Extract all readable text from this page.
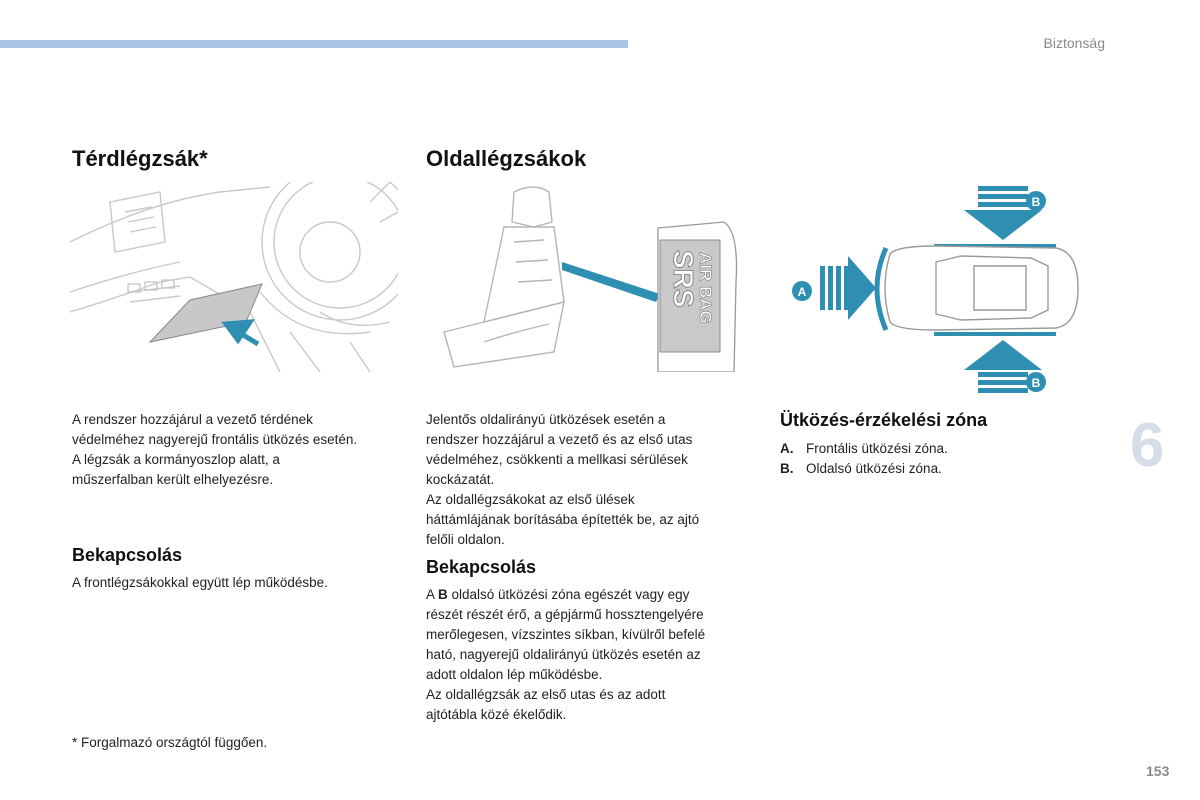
Biztonság
Térdlégzsák*

A rendszer hozzájárul a vezető térdének
védelméhez nagyerejű frontális ütközés esetén.
A légzsák a kormányoszlop alatt, a
műszerfalban került elhelyezésre.

Bekapcsolás

A frontlégzsákokkal együtt lép működésbe.

Oldallégzsákok
SRS
AIR BAG

Jelentős oldalirányú ütközések esetén a
rendszer hozzájárul a vezető és az első utas
védelméhez, csökkenti a mellkasi sérülések
kockázatát.
Az oldallégzsákokat az első ülések
háttámlájának borításába építették be, az ajtó
felőli oldalon.

Bekapcsolás

A B oldalsó ütközési zóna egészét vagy egy
részét részét érő, a gépjármű hossztengelyére
merőlegesen, vízszintes síkban, kívülről befelé
ható, nagyerejű oldalirányú ütközés esetén az
adott oldalon lép működésbe.
Az oldallégzsák az első utas és az adott
ajtótábla közé ékelődik.

B
B
A
Ütközés-érzékelési zóna
A. Frontális ütközési zóna.
B. Oldalsó ütközési zóna.	6
* Forgalmazó országtól függően.
153
